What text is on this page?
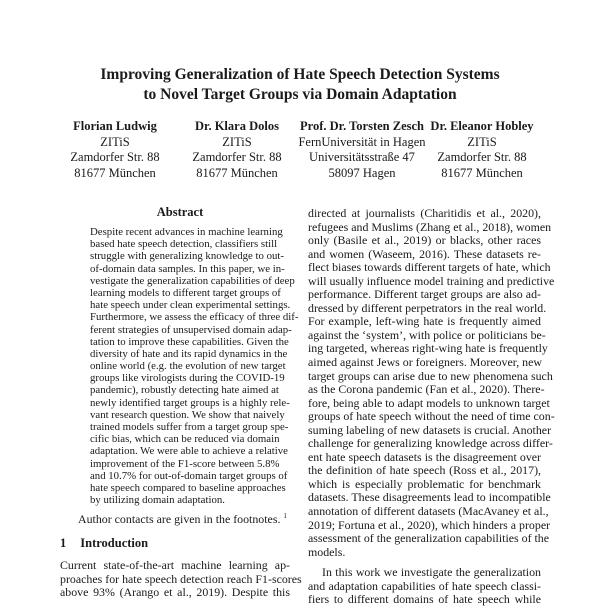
Improving Generalization of Hate Speech Detection Systems
to Novel Target Groups via Domain Adaptation
Florian Ludwig
ZITiS
Zamdorfer Str. 88
81677 München
Dr. Klara Dolos
ZITiS
Zamdorfer Str. 88
81677 München
Prof. Dr. Torsten Zesch
FernUniversität in Hagen
Universitätsstraße 47
58097 Hagen
Dr. Eleanor Hobley
ZITiS
Zamdorfer Str. 88
81677 München
Abstract
Despite recent advances in machine learning
based hate speech detection, classifiers still
struggle with generalizing knowledge to out-
of-domain data samples. In this paper, we in-
vestigate the generalization capabilities of deep
learning models to different target groups of
hate speech under clean experimental settings.
Furthermore, we assess the efficacy of three dif-
ferent strategies of unsupervised domain adap-
tation to improve these capabilities. Given the
diversity of hate and its rapid dynamics in the
online world (e.g. the evolution of new target
groups like virologists during the COVID-19
pandemic), robustly detecting hate aimed at
newly identified target groups is a highly rele-
vant research question. We show that naively
trained models suffer from a target group spe-
cific bias, which can be reduced via domain
adaptation. We were able to achieve a relative
improvement of the F1-score between 5.8%
and 10.7% for out-of-domain target groups of
hate speech compared to baseline approaches
by utilizing domain adaptation.
Author contacts are given in the footnotes. $^1$
1 Introduction
Current state-of-the-art machine learning ap-
proaches for hate speech detection reach F1-scores
above 93% (Arango et al., 2019). Despite this
directed at journalists (Charitidis et al., 2020),
refugees and Muslims (Zhang et al., 2018), women
only (Basile et al., 2019) or blacks, other races
and women (Waseem, 2016). These datasets re-
flect biases towards different targets of hate, which
will usually influence model training and predictive
performance. Different target groups are also ad-
dressed by different perpetrators in the real world.
For example, left-wing hate is frequently aimed
against the ‘system’, with police or politicians be-
ing targeted, whereas right-wing hate is frequently
aimed against Jews or foreigners. Moreover, new
target groups can arise due to new phenomena such
as the Corona pandemic (Fan et al., 2020). There-
fore, being able to adapt models to unknown target
groups of hate speech without the need of time con-
suming labeling of new datasets is crucial. Another
challenge for generalizing knowledge across differ-
ent hate speech datasets is the disagreement over
the definition of hate speech (Ross et al., 2017),
which is especially problematic for benchmark
datasets. These disagreements lead to incompatible
annotation of different datasets (MacAvaney et al.,
2019; Fortuna et al., 2020), which hinders a proper
assessment of the generalization capabilities of the
models.
In this work we investigate the generalization
and adaptation capabilities of hate speech classi-
fiers to different domains of hate speech while
